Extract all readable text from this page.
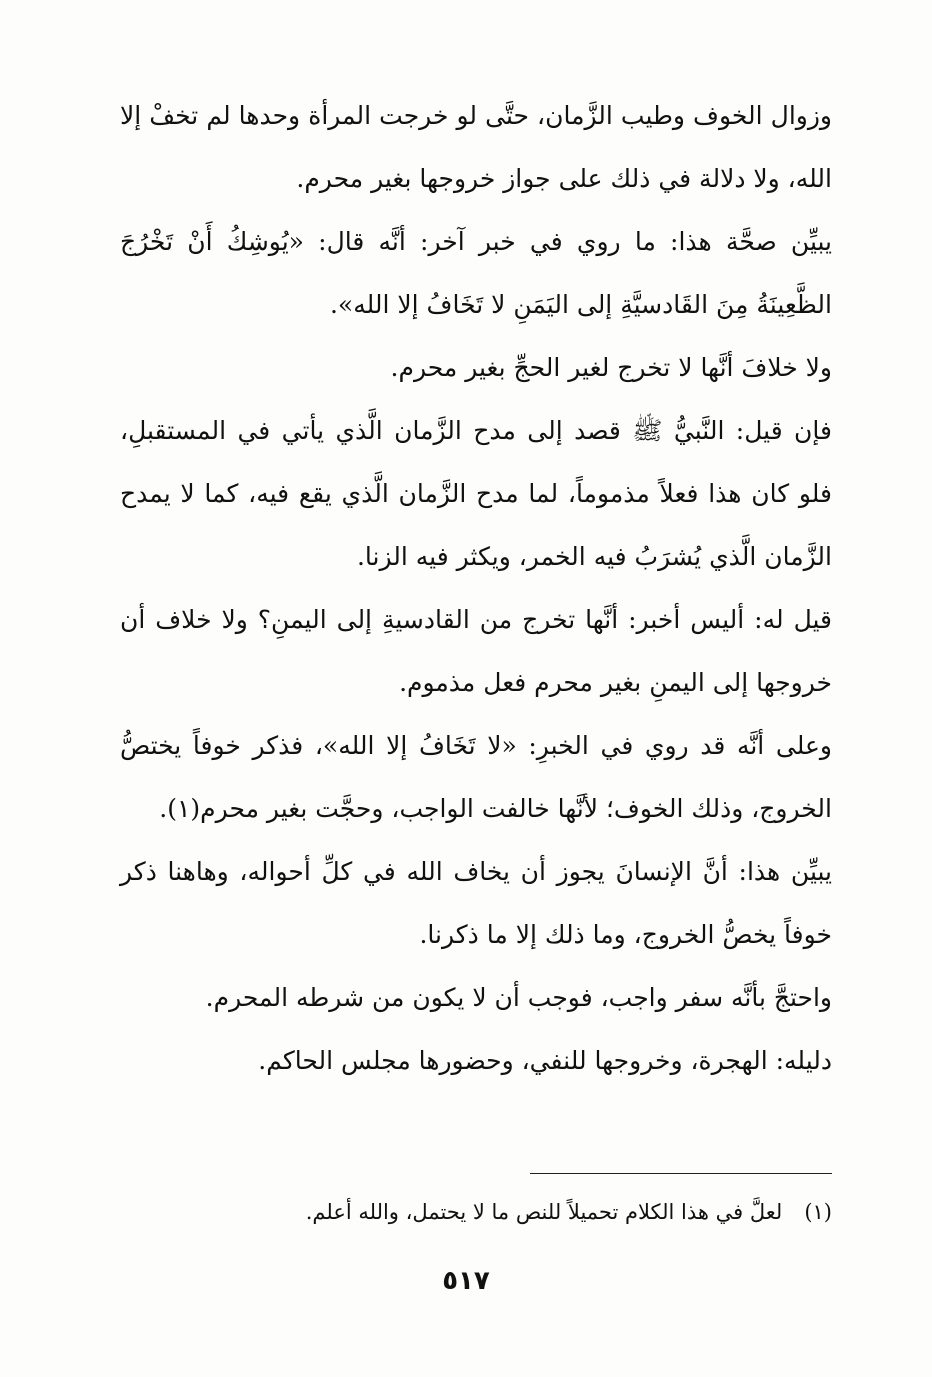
وزوال الخوف وطيب الزَّمان، حتَّى لو خرجت المرأة وحدها لم تخفْ إلا الله، ولا دلالة في ذلك على جواز خروجها بغير محرم.

يبيِّن صحَّة هذا: ما روي في خبر آخر: أنَّه قال: «يُوشِكُ أَنْ تَخْرُجَ الظَّعِينَةُ مِنَ القَادسيَّةِ إلى اليَمَنِ لا تَخَافُ إلا الله».

ولا خلافَ أنَّها لا تخرج لغير الحجِّ بغير محرم.

فإن قيل: النَّبيُّ ﷺ قصد إلى مدح الزَّمان الَّذي يأتي في المستقبلِ، فلو كان هذا فعلاً مذموماً، لما مدح الزَّمان الَّذي يقع فيه، كما لا يمدح الزَّمان الَّذي يُشرَبُ فيه الخمر، ويكثر فيه الزنا.

قيل له: أليس أخبر: أنَّها تخرج من القادسيةِ إلى اليمنِ؟ ولا خلاف أن خروجها إلى اليمنِ بغير محرم فعل مذموم.

وعلى أنَّه قد روي في الخبرِ: «لا تَخَافُ إلا الله»، فذكر خوفاً يختصُّ الخروج، وذلك الخوف؛ لأنَّها خالفت الواجب، وحجَّت بغير محرم(١).

يبيِّن هذا: أنَّ الإنسانَ يجوز أن يخاف الله في كلِّ أحواله، وهاهنا ذكر خوفاً يخصُّ الخروج، وما ذلك إلا ما ذكرنا.

واحتجَّ بأنَّه سفر واجب، فوجب أن لا يكون من شرطه المحرم.

دليله: الهجرة، وخروجها للنفي، وحضورها مجلس الحاكم.

(١)لعلَّ في هذا الكلام تحميلاً للنص ما لا يحتمل، والله أعلم.
٥١٧
